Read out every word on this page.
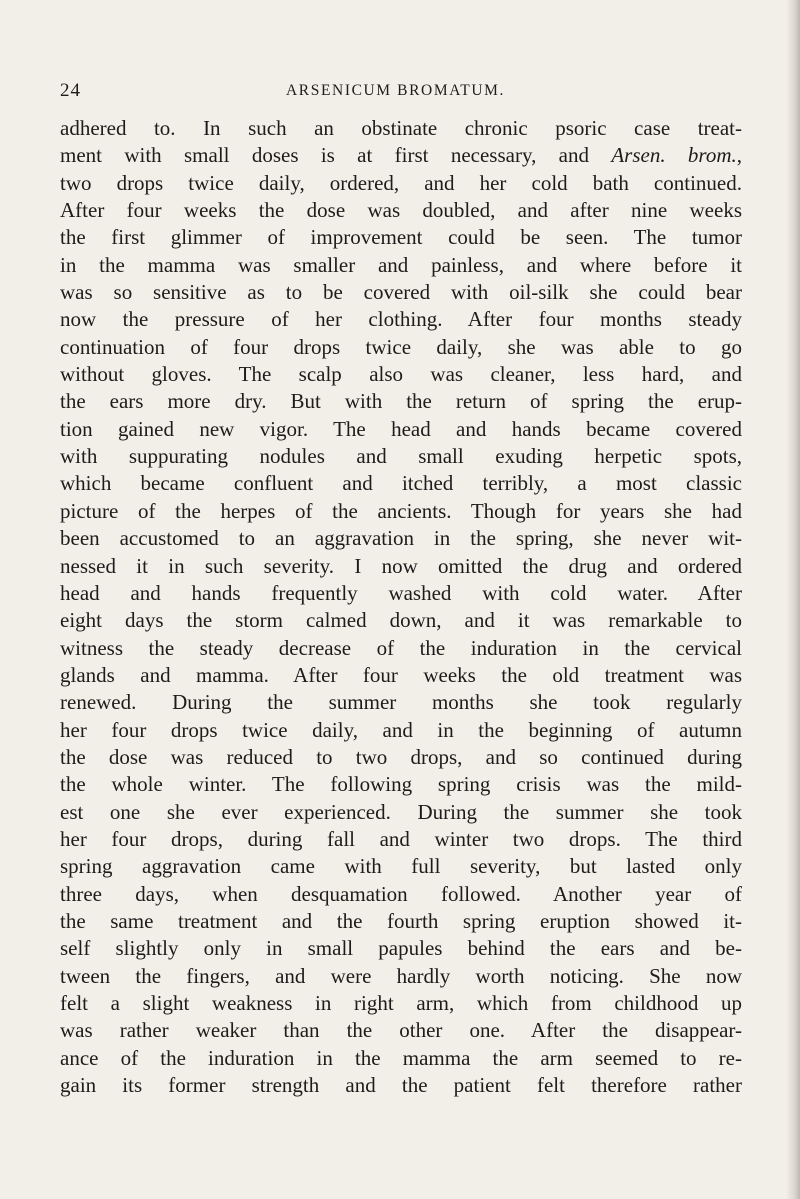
24	ARSENICUM BROMATUM.
adhered to. In such an obstinate chronic psoric case treat-
ment with small doses is at first necessary, and Arsen. brom.,
two drops twice daily, ordered, and her cold bath continued.
After four weeks the dose was doubled, and after nine weeks
the first glimmer of improvement could be seen. The tumor
in the mamma was smaller and painless, and where before it
was so sensitive as to be covered with oil-silk she could bear
now the pressure of her clothing. After four months steady
continuation of four drops twice daily, she was able to go
without gloves. The scalp also was cleaner, less hard, and
the ears more dry. But with the return of spring the erup-
tion gained new vigor. The head and hands became covered
with suppurating nodules and small exuding herpetic spots,
which became confluent and itched terribly, a most classic
picture of the herpes of the ancients. Though for years she had
been accustomed to an aggravation in the spring, she never wit-
nessed it in such severity. I now omitted the drug and ordered
head and hands frequently washed with cold water. After
eight days the storm calmed down, and it was remarkable to
witness the steady decrease of the induration in the cervical
glands and mamma. After four weeks the old treatment was
renewed. During the summer months she took regularly
her four drops twice daily, and in the beginning of autumn
the dose was reduced to two drops, and so continued during
the whole winter. The following spring crisis was the mild-
est one she ever experienced. During the summer she took
her four drops, during fall and winter two drops. The third
spring aggravation came with full severity, but lasted only
three days, when desquamation followed. Another year of
the same treatment and the fourth spring eruption showed it-
self slightly only in small papules behind the ears and be-
tween the fingers, and were hardly worth noticing. She now
felt a slight weakness in right arm, which from childhood up
was rather weaker than the other one. After the disappear-
ance of the induration in the mamma the arm seemed to re-
gain its former strength and the patient felt therefore rather
